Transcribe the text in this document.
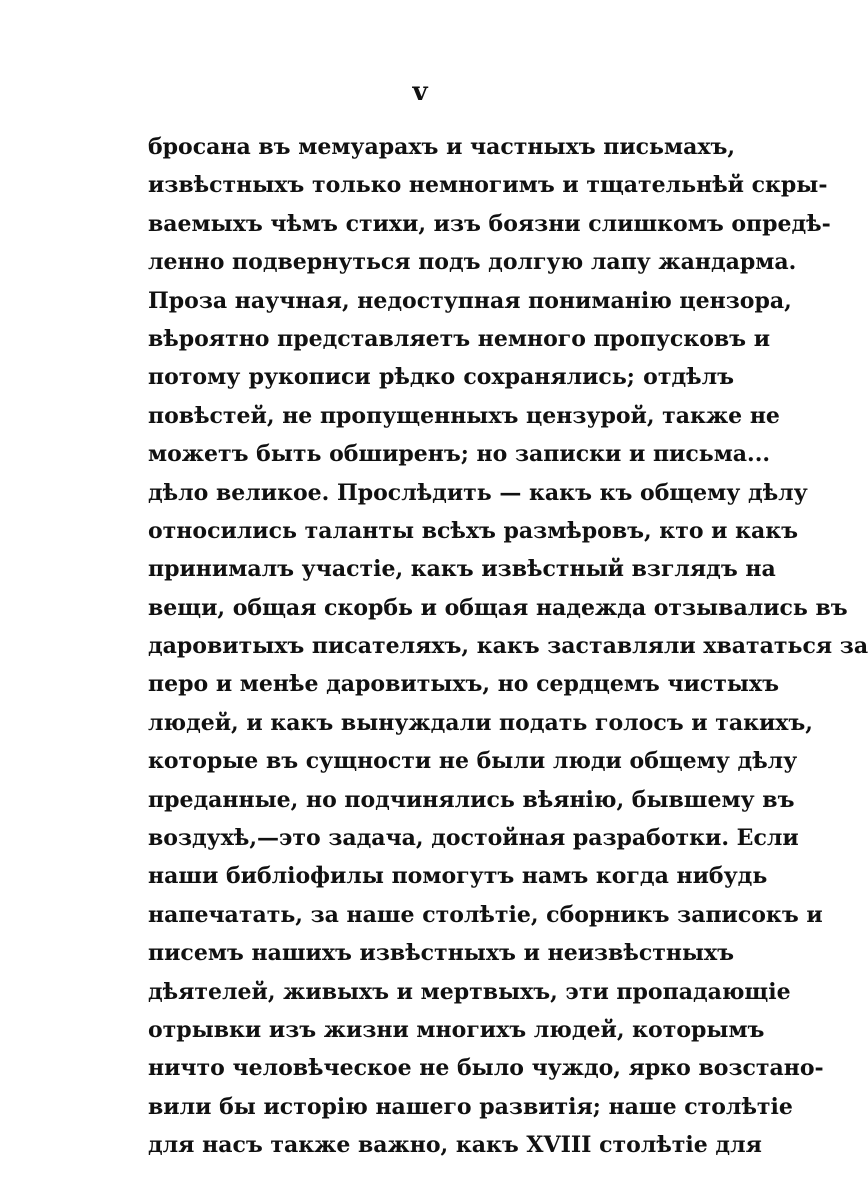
v
бросана въ мемуарахъ и частныхъ письмахъ,
извѣстныхъ только немногимъ и тщательнѣй скры-
ваемыхъ чѣмъ стихи, изъ боязни слишкомъ опредѣ-
ленно подвернуться подъ долгую лапу жандарма.
Проза научная, недоступная пониманію цензора,
вѣроятно представляетъ немного пропусковъ и
потому рукописи рѣдко сохранялись; отдѣлъ
повѣстей, не пропущенныхъ цензурой, также не
можетъ быть обширенъ; но записки и письма...
дѣло великое. Прослѣдить — какъ къ общему дѣлу
относились таланты всѣхъ размѣровъ, кто и какъ
принималъ участіе, какъ извѣстный взглядъ на
вещи, общая скорбь и общая надежда отзывались въ
даровитыхъ писателяхъ, какъ заставляли хвататься за
перо и менѣе даровитыхъ, но сердцемъ чистыхъ
людей, и какъ вынуждали подать голосъ и такихъ,
которые въ сущности не были люди общему дѣлу
преданные, но подчинялись вѣянію, бывшему въ
воздухѣ,—это задача, достойная разработки. Если
наши библіофилы помогутъ намъ когда нибудь
напечатать, за наше столѣтіе, сборникъ записокъ и
писемъ нашихъ извѣстныхъ и неизвѣстныхъ
дѣятелей, живыхъ и мертвыхъ, эти пропадающіе
отрывки изъ жизни многихъ людей, которымъ
ничто человѣческое не было чуждо, ярко возстано-
вили бы исторію нашего развитія; наше столѣтіе
для насъ также важно, какъ XVIII столѣтіе для
